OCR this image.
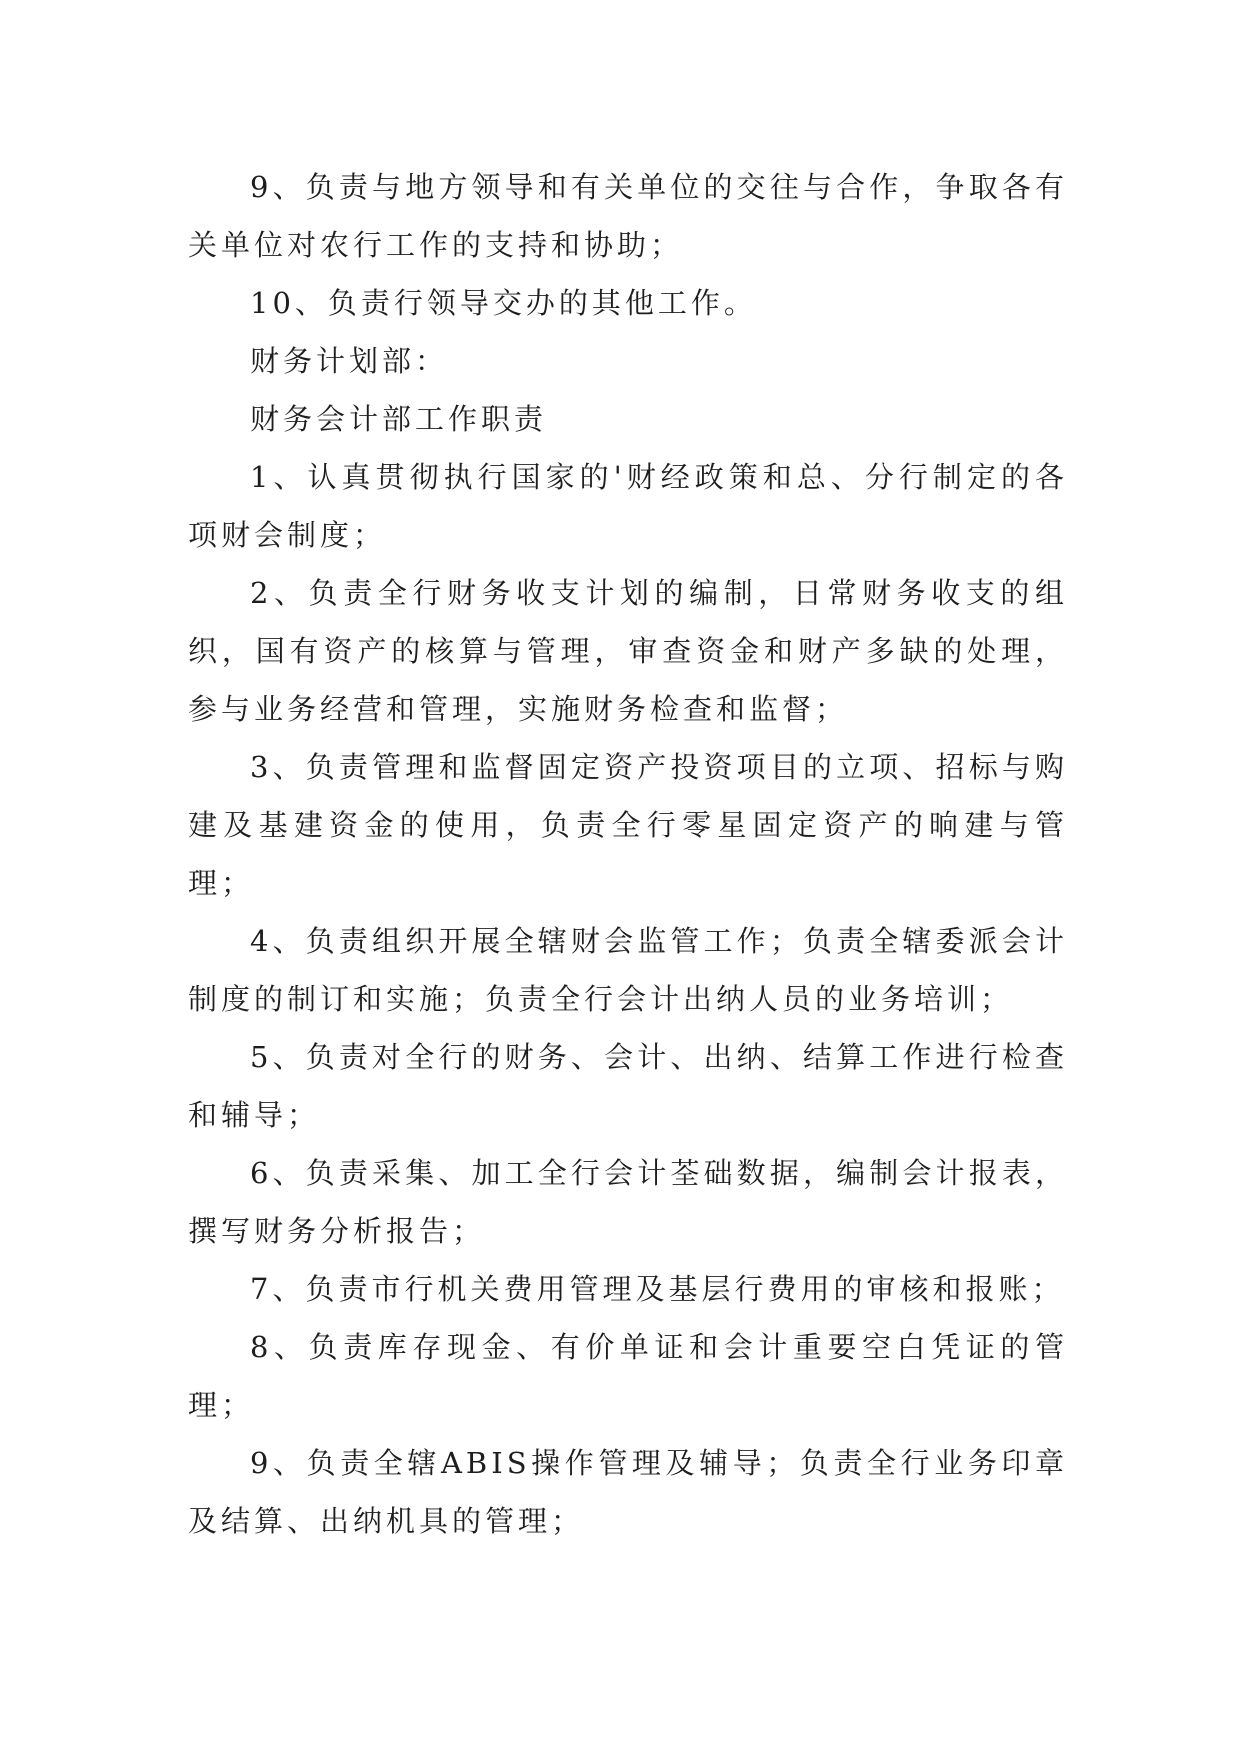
9、负责与地方领导和有关单位的交往与合作，争取各有关单位对农行工作的支持和协助；

10、负责行领导交办的其他工作。

财务计划部：

财务会计部工作职责

1、认真贯彻执行国家的'财经政策和总、分行制定的各项财会制度；

2、负责全行财务收支计划的编制，日常财务收支的组织，国有资产的核算与管理，审查资金和财产多缺的处理，参与业务经营和管理，实施财务检查和监督；

3、负责管理和监督固定资产投资项目的立项、招标与购建及基建资金的使用，负责全行零星固定资产的晌建与管理；

4、负责组织开展全辖财会监管工作；负责全辖委派会计制度的制订和实施；负责全行会计出纳人员的业务培训；

5、负责对全行的财务、会计、出纳、结算工作进行检查和辅导；

6、负责采集、加工全行会计荃础数据，编制会计报表，撰写财务分析报告；

7、负责市行机关费用管理及基层行费用的审核和报账；

8、负责库存现金、有价单证和会计重要空白凭证的管理；

9、负责全辖ABIS操作管理及辅导；负责全行业务印章及结算、出纳机具的管理；
